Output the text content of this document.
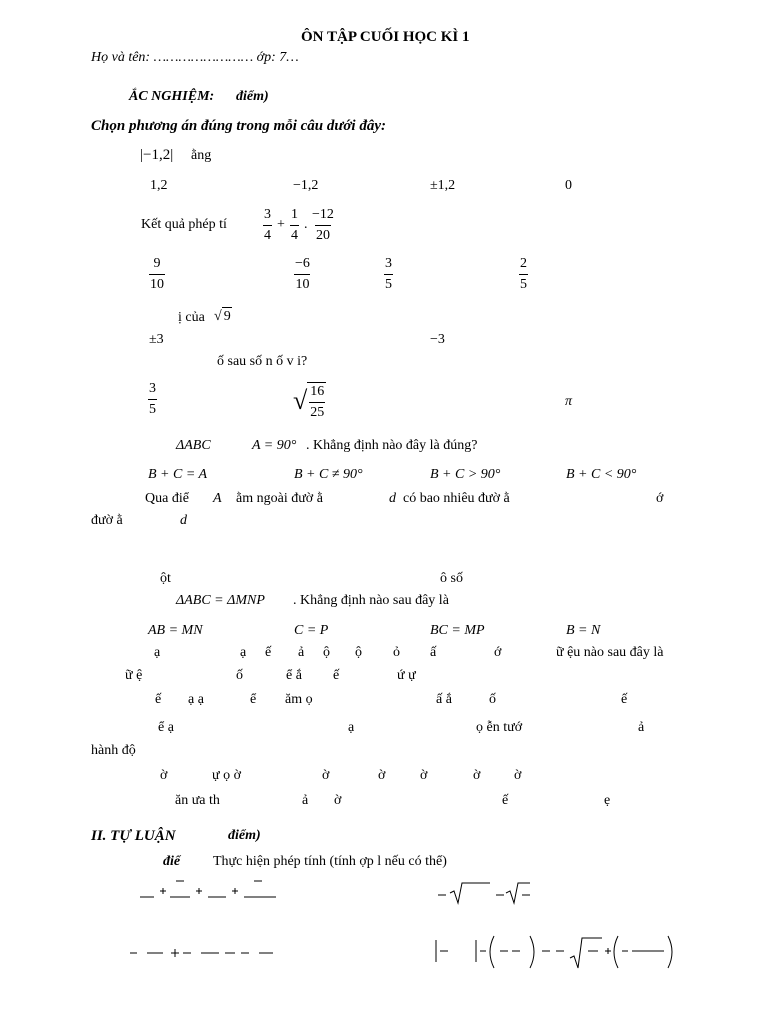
ÔN TẬP CUỐI HỌC KÌ 1
Họ và tên: …………………… ớp: 7…
ẮC NGHIỆM: điểm)
Chọn phương án đúng trong mỗi câu dưới đây:
|−1,2| ằng
1,2	−1,2	±1,2	0
Kết quả phép tí	$\frac{3}{4} + \frac{1}{4}$ . $\frac{-12}{20}$
$\frac{9}{10}$	$\frac{-6}{10}$	$\frac{3}{5}$	$\frac{2}{5}$
ị của √ 9
±3	−3
ố sau số n ố v i?
$\frac{3}{5}$	√ $\frac{16}{25}$	π
ΔABC	A = 90° . Khẳng định nào đây là đúng?
B + C = A	B + C ≠ 90°	B + C > 90°	B + C < 90°
Qua điể A ằm ngoài đườ ằ	d có bao nhiêu đườ ằ	ớ
đườ ằ	d
ột	ô số
ΔABC = ΔMNP . Khẳng định nào sau đây là
AB = MN	C = P	BC = MP	B = N
ạ	ạ ế ả ộ ộ ỏ ấ	ớ	ữ ệu nào sau đây là
ữ ệ	ố	ể ắ ế	ứ ự
ế ạ ạ	ể ăm ọ	ấ ắ	ố	ế
ể ạ	ạ	ọ ễn tướ	ả
hành độ
ờ	ự ọ ờ	ờ	ờ ờ	ờ ờ
ăn ưa th	ả ờ	ế	ẹ
II. TỰ LUẬN	điểm)
điể Thực hiện phép tính (tính ợp l nếu có thể)
